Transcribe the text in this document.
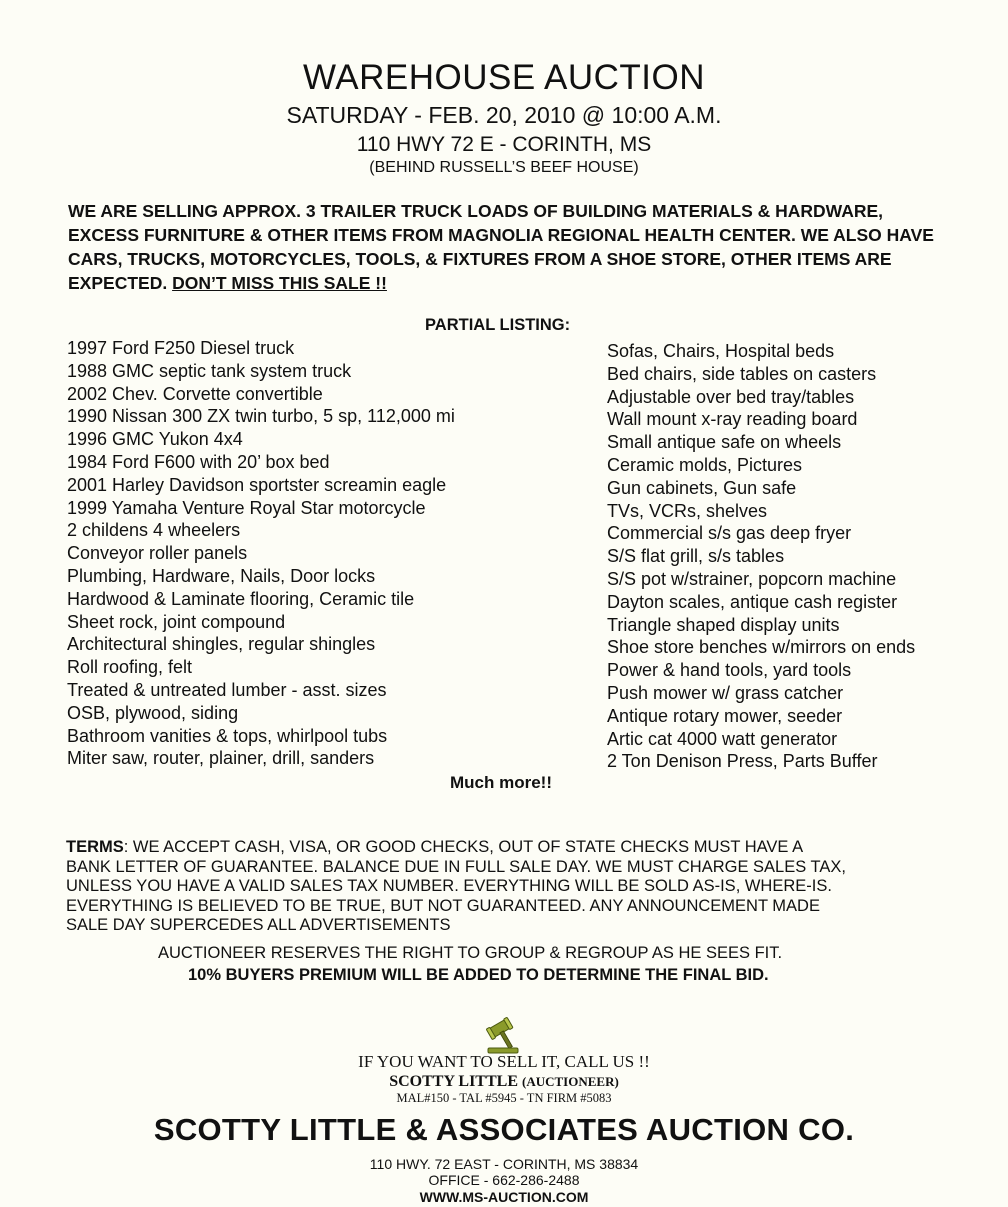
WAREHOUSE AUCTION
SATURDAY - FEB. 20, 2010 @ 10:00 A.M.
110 HWY 72 E - CORINTH, MS
(BEHIND RUSSELL’S BEEF HOUSE)
WE ARE SELLING APPROX. 3 TRAILER TRUCK LOADS OF BUILDING MATERIALS & HARDWARE, EXCESS FURNITURE & OTHER ITEMS FROM MAGNOLIA REGIONAL HEALTH CENTER. WE ALSO HAVE CARS, TRUCKS, MOTORCYCLES, TOOLS, & FIXTURES FROM A SHOE STORE, OTHER ITEMS ARE EXPECTED. DON’T MISS THIS SALE !!
PARTIAL LISTING:
1997 Ford F250 Diesel truck
1988 GMC septic tank system truck
2002 Chev. Corvette convertible
1990 Nissan 300 ZX twin turbo, 5 sp, 112,000 mi
1996 GMC Yukon 4x4
1984 Ford F600 with 20’ box bed
2001 Harley Davidson sportster screamin eagle
1999 Yamaha Venture Royal Star motorcycle
2 childens 4 wheelers
Conveyor roller panels
Plumbing, Hardware, Nails, Door locks
Hardwood & Laminate flooring, Ceramic tile
Sheet rock, joint compound
Architectural shingles, regular shingles
Roll roofing, felt
Treated & untreated lumber - asst. sizes
OSB, plywood, siding
Bathroom vanities & tops, whirlpool tubs
Miter saw, router, plainer, drill, sanders
Sofas, Chairs, Hospital beds
Bed chairs, side tables on casters
Adjustable over bed tray/tables
Wall mount x-ray reading board
Small antique safe on wheels
Ceramic molds, Pictures
Gun cabinets, Gun safe
TVs, VCRs, shelves
Commercial s/s gas deep fryer
S/S flat grill, s/s tables
S/S pot w/strainer, popcorn machine
Dayton scales, antique cash register
Triangle shaped display units
Shoe store benches w/mirrors on ends
Power & hand tools, yard tools
Push mower w/ grass catcher
Antique rotary mower, seeder
Artic cat 4000 watt generator
2 Ton Denison Press, Parts Buffer
Much more!!
TERMS: WE ACCEPT CASH, VISA, OR GOOD CHECKS, OUT OF STATE CHECKS MUST HAVE A
BANK LETTER OF GUARANTEE. BALANCE DUE IN FULL SALE DAY. WE MUST CHARGE SALES TAX,
UNLESS YOU HAVE A VALID SALES TAX NUMBER. EVERYTHING WILL BE SOLD AS-IS, WHERE-IS.
EVERYTHING IS BELIEVED TO BE TRUE, BUT NOT GUARANTEED. ANY ANNOUNCEMENT MADE
SALE DAY SUPERCEDES ALL ADVERTISEMENTS
AUCTIONEER RESERVES THE RIGHT TO GROUP & REGROUP AS HE SEES FIT.
10% BUYERS PREMIUM WILL BE ADDED TO DETERMINE THE FINAL BID.
IF YOU WANT TO SELL IT, CALL US !!
SCOTTY LITTLE (AUCTIONEER)
MAL#150 - TAL #5945 - TN FIRM #5083
SCOTTY LITTLE & ASSOCIATES AUCTION CO.
110 HWY. 72 EAST - CORINTH, MS 38834
OFFICE - 662-286-2488
WWW.MS-AUCTION.COM
